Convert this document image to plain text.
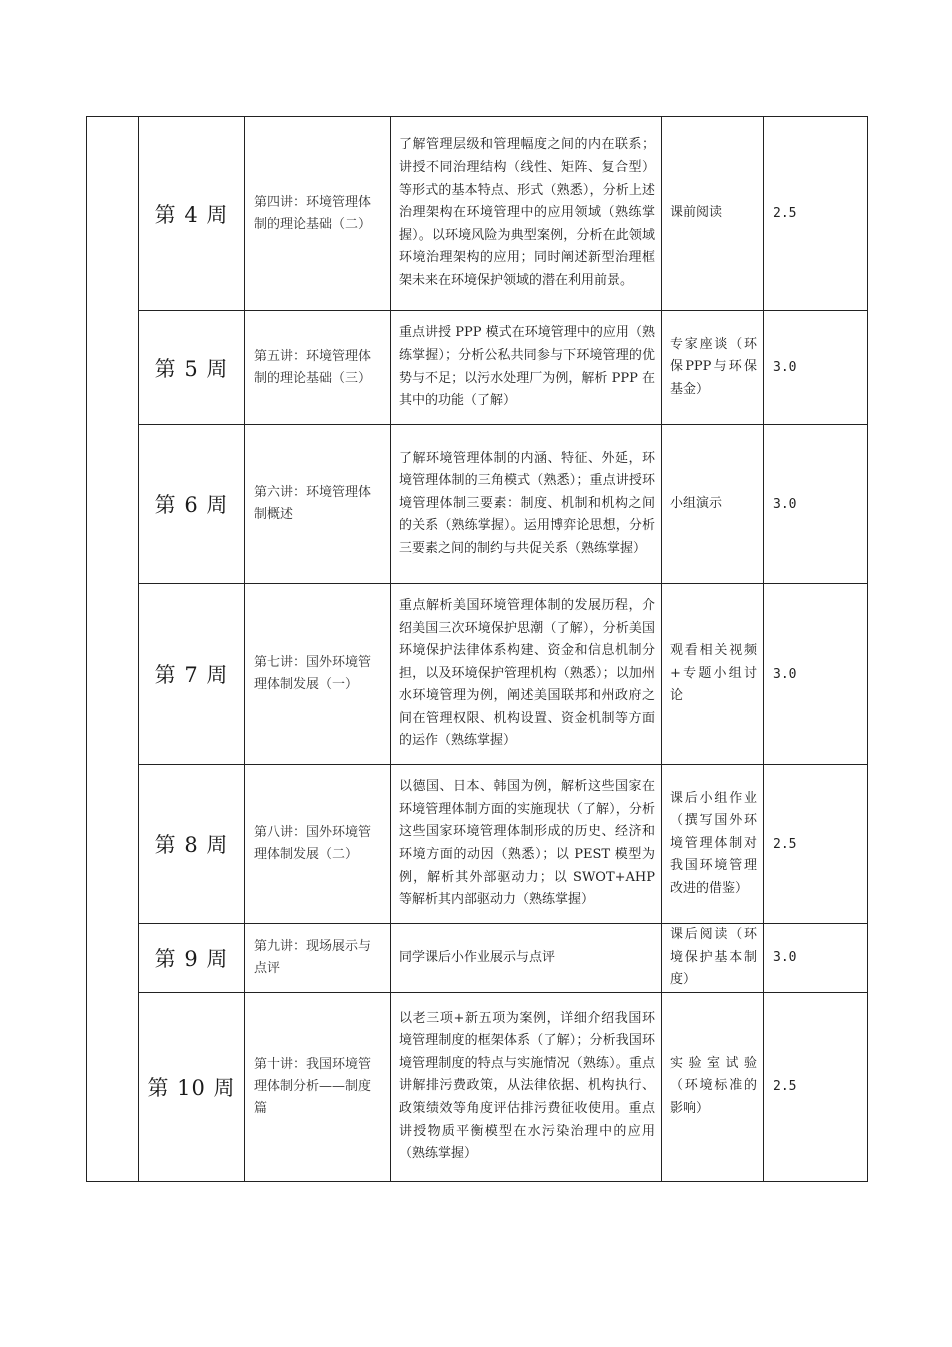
	第 4 周	第四讲：环境管理体制的理论基础（二）	了解管理层级和管理幅度之间的内在联系；讲授不同治理结构（线性、矩阵、复合型）等形式的基本特点、形式（熟悉），分析上述治理架构在环境管理中的应用领域（熟练掌握）。以环境风险为典型案例，分析在此领域环境治理架构的应用；同时阐述新型治理框架未来在环境保护领域的潜在利用前景。	课前阅读	2.5
	第 5 周	第五讲：环境管理体制的理论基础（三）	重点讲授 PPP 模式在环境管理中的应用（熟练掌握）；分析公私共同参与下环境管理的优势与不足；以污水处理厂为例，解析 PPP 在其中的功能（了解）	专家座谈（环保PPP与环保基金）	3.0
	第 6 周	第六讲：环境管理体制概述	了解环境管理体制的内涵、特征、外延，环境管理体制的三角模式（熟悉）；重点讲授环境管理体制三要素：制度、机制和机构之间的关系（熟练掌握）。运用博弈论思想，分析三要素之间的制约与共促关系（熟练掌握）	小组演示	3.0
	第 7 周	第七讲：国外环境管理体制发展（一）	重点解析美国环境管理体制的发展历程，介绍美国三次环境保护思潮（了解），分析美国环境保护法律体系构建、资金和信息机制分担，以及环境保护管理机构（熟悉）；以加州水环境管理为例，阐述美国联邦和州政府之间在管理权限、机构设置、资金机制等方面的运作（熟练掌握）	观看相关视频+专题小组讨论	3.0
	第 8 周	第八讲：国外环境管理体制发展（二）	以德国、日本、韩国为例，解析这些国家在环境管理体制方面的实施现状（了解），分析这些国家环境管理体制形成的历史、经济和环境方面的动因（熟悉）；以 PEST 模型为例，解析其外部驱动力；以 SWOT+AHP 等解析其内部驱动力（熟练掌握）	课后小组作业（撰写国外环境管理体制对我国环境管理改进的借鉴）	2.5
	第 9 周	第九讲：现场展示与点评	同学课后小作业展示与点评	课后阅读（环境保护基本制度）	3.0
	第 10 周	第十讲：我国环境管理体制分析——制度篇	以老三项+新五项为案例，详细介绍我国环境管理制度的框架体系（了解）；分析我国环境管理制度的特点与实施情况（熟练）。重点讲解排污费政策，从法律依据、机构执行、政策绩效等角度评估排污费征收使用。重点讲授物质平衡模型在水污染治理中的应用（熟练掌握）	实验室试验（环境标准的影响）	2.5
